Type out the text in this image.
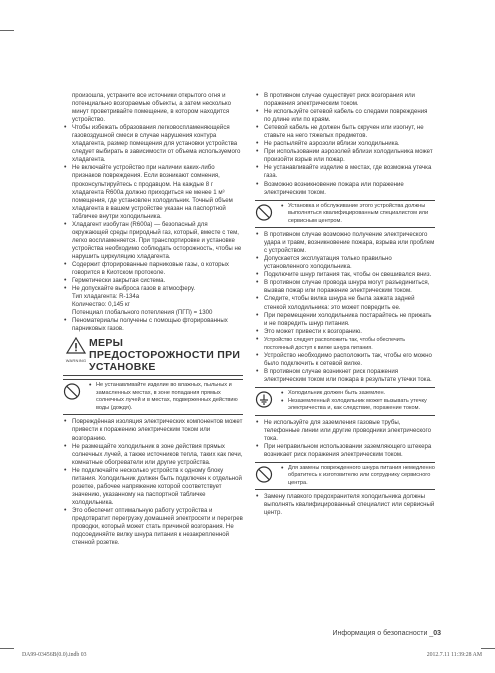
произошла, устраните все источники открытого огня и потенциально возгораемые объекты, а затем несколько минут проветривайте помещение, в котором находится устройство.
• Чтобы избежать образования легковоспламеняющейся газовоздушной смеси в случае нарушения контура хладагента, размер помещения для установки устройства следует выбирать в зависимости от объема используемого хладагента.
• Не включайте устройство при наличии каких-либо признаков повреждения. Если возникают сомнения, проконсультируйтесь с продавцом. На каждые 8 г хладагента R600a должно приходиться не менее 1 м³ помещения, где установлен холодильник. Точный объем хладагента в вашем устройстве указан на паспортной табличке внутри холодильника.
• Хладагент изобутан (R600a) — безопасный для окружающей среды природный газ, который, вместе с тем, легко воспламеняется. При транспортировке и установке устройства необходимо соблюдать осторожность, чтобы не нарушить циркуляцию хладагента.
• Содержит фторированные парниковые газы, о которых говорится в Киотском протоколе.
• Герметически закрытая система.
• Не допускайте выброса газов в атмосферу.
Тип хладагента: R-134a
Количество: 0,145 кг
Потенциал глобального потепления (ПГП) = 1300
• Пеноматериалы получены с помощью фторированных парниковых газов.
WARNING
МЕРЫ ПРЕДОСТОРОЖНОСТИ ПРИ УСТАНОВКЕ
• Не устанавливайте изделие во влажных, пыльных и замасленных местах, в зоне попадания прямых солнечных лучей и в местах, подверженных действию воды (дождя).
• Повреждённая изоляция электрических компонентов может привести к поражению электрическим током или возгоранию.
• Не размещайте холодильник в зоне действия прямых солнечных лучей, а также источников тепла, таких как печи, комнатные обогреватели или другие устройства.
• Не подключайте несколько устройств к одному блоку питания. Холодильник должен быть подключен к отдельной розетке, рабочее напряжение которой соответствует значению, указанному на паспортной табличке холодильника.
• Это обеспечит оптимальную работу устройства и предотвратит перегрузку домашней электросети и перегрев проводки, который может стать причиной возгорания. Не подсоединяйте вилку шнура питания к незакрепленной стенной розетке.
• В противном случае существует риск возгорания или поражения электрическим током.
• Не используйте сетевой кабель со следами повреждения по длине или по краям.
• Сетевой кабель не должен быть скручен или изогнут, не ставьте на него тяжелых предметов.
• Не распыляйте аэрозоли вблизи холодильника.
• При использовании аэрозолей вблизи холодильника может произойти взрыв или пожар.
• Не устанавливайте изделие в местах, где возможна утечка газа.
• Возможно возникновение пожара или поражение электрическим током.
• Установка и обслуживание этого устройства должны выполняться квалифицированным специалистом или сервисным центром.
• В противном случае возможно получение электрического удара и травм, возникновение пожара, взрыва или проблем с устройством.
• Допускается эксплуатация только правильно установленного холодильника.
• Подключите шнур питания так, чтобы он свешивался вниз.
• В противном случае провода шнура могут разъединиться, вызвав пожар или поражение электрическим током.
• Следите, чтобы вилка шнура не была зажата задней стенкой холодильника: это может повредить ее.
• При перемещении холодильника постарайтесь не прижать и не повредить шнур питания.
• Это может привести к возгоранию.
• Устройство следует расположить так, чтобы обеспечить постоянный доступ к вилке шнура питания.
• Устройство необходимо расположить так, чтобы его можно было подключить к сетевой вилке.
• В противном случае возникнет риск поражения электрическим током или пожара в результате утечки тока.
• Холодильник должен быть заземлен.
• Незаземленный холодильник может вызывать утечку электричества и, как следствие, поражение током.
• Не используйте для заземления газовые трубы, телефонные линии или другие проводники электрического тока.
• При неправильном использовании заземляющего штекера возникает риск поражения электрическим током.
• Для замены поврежденного шнура питания немедленно обратитесь к изготовителю или сотруднику сервисного центра.
• Замену плавкого предохранителя холодильника должны выполнять квалифицированный специалист или сервисный центр.
Информация о безопасности _03
DA99-03456B(0.0).indb 03	2012.7.11 11:39:28 AM
